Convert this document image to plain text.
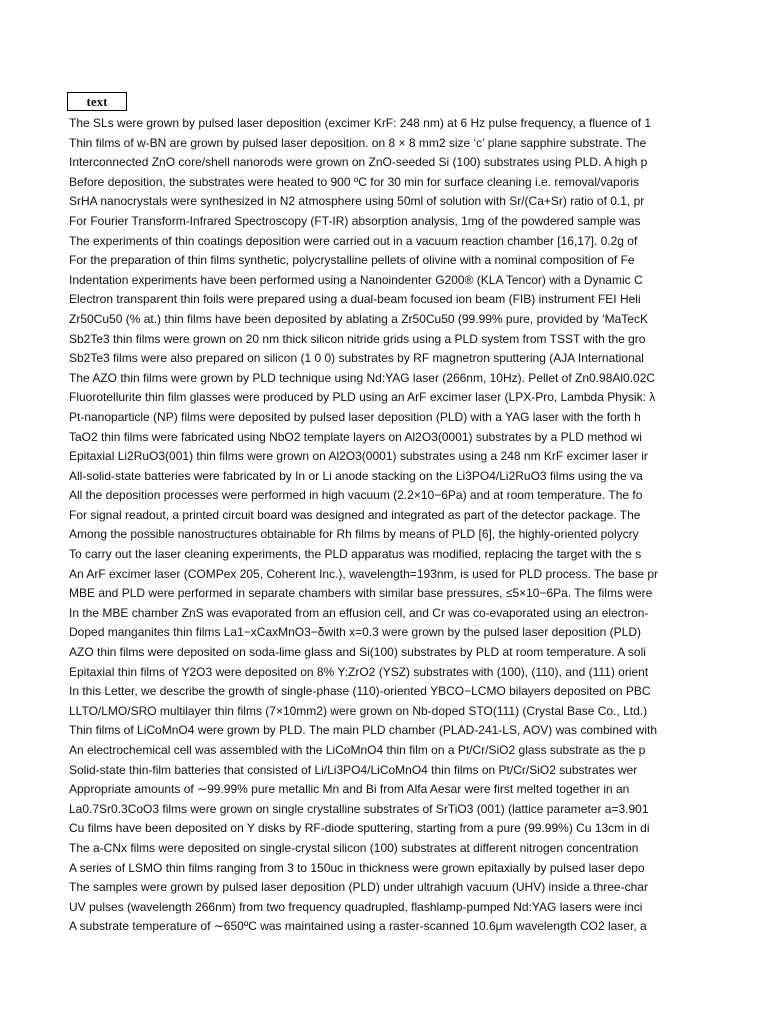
text
The SLs were grown by pulsed laser deposition (excimer KrF: 248 nm) at 6 Hz pulse frequency, a fluence of 1
Thin films of w-BN are grown by pulsed laser deposition. on 8 × 8 mm2 size ‘c’ plane sapphire substrate. The
Interconnected ZnO core/shell nanorods were grown on ZnO-seeded Si (100) substrates using PLD. A high p
Before deposition, the substrates were heated to 900 ºC for 30 min for surface cleaning i.e. removal/vaporis
SrHA nanocrystals were synthesized in N2 atmosphere using 50ml of solution with Sr/(Ca+Sr) ratio of 0.1, pr
For Fourier Transform-Infrared Spectroscopy (FT-IR) absorption analysis, 1mg of the powdered sample was
The experiments of thin coatings deposition were carried out in a vacuum reaction chamber [16,17]. 0.2g of
For the preparation of thin films synthetic, polycrystalline pellets of olivine with a nominal composition of Fe
Indentation experiments have been performed using a Nanoindenter G200® (KLA Tencor) with a Dynamic C
Electron transparent thin foils were prepared using a dual-beam focused ion beam (FIB) instrument FEI Heli
Zr50Cu50 (% at.) thin films have been deposited by ablating a Zr50Cu50 (99.99% pure, provided by ‘MaTecK
Sb2Te3 thin films were grown on 20 nm thick silicon nitride grids using a PLD system from TSST with the gro
Sb2Te3 films were also prepared on silicon (1 0 0) substrates by RF magnetron sputtering (AJA International
The AZO thin films were grown by PLD technique using Nd:YAG laser (266nm, 10Hz). Pellet of Zn0.98Al0.02C
Fluorotellurite thin film glasses were produced by PLD using an ArF excimer laser (LPX-Pro, Lambda Physik: λ
Pt-nanoparticle (NP) films were deposited by pulsed laser deposition (PLD) with a YAG laser with the forth h
TaO2 thin films were fabricated using NbO2 template layers on Al2O3(0001) substrates by a PLD method wi
Epitaxial Li2RuO3(001) thin films were grown on Al2O3(0001) substrates using a 248 nm KrF excimer laser ir
All-solid-state batteries were fabricated by In or Li anode stacking on the Li3PO4/Li2RuO3 films using the va
All the deposition processes were performed in high vacuum (2.2×10−6Pa) and at room temperature. The fo
For signal readout, a printed circuit board was designed and integrated as part of the detector package. The
Among the possible nanostructures obtainable for Rh films by means of PLD [6], the highly-oriented polycry
To carry out the laser cleaning experiments, the PLD apparatus was modified, replacing the target with the s
An ArF excimer laser (COMPex 205, Coherent Inc.), wavelength=193nm, is used for PLD process. The base pr
MBE and PLD were performed in separate chambers with similar base pressures, ≤5×10−6Pa. The films were
In the MBE chamber ZnS was evaporated from an effusion cell, and Cr was co-evaporated using an electron-
Doped manganites thin films La1−xCaxMnO3−δwith x=0.3 were grown by the pulsed laser deposition (PLD)
AZO thin films were deposited on soda-lime glass and Si(100) substrates by PLD at room temperature. A soli
Epitaxial thin films of Y2O3 were deposited on 8% Y:ZrO2 (YSZ) substrates with (100), (110), and (111) orient
In this Letter, we describe the growth of single-phase (110)-oriented YBCO−LCMO bilayers deposited on PBC
LLTO/LMO/SRO multilayer thin films (7×10mm2) were grown on Nb-doped STO(111) (Crystal Base Co., Ltd.)
Thin films of LiCoMnO4 were grown by PLD. The main PLD chamber (PLAD-241-LS, AOV) was combined with
An electrochemical cell was assembled with the LiCoMnO4 thin film on a Pt/Cr/SiO2 glass substrate as the p
Solid-state thin-film batteries that consisted of Li/Li3PO4/LiCoMnO4 thin films on Pt/Cr/SiO2 substrates wer
Appropriate amounts of ∼99.99% pure metallic Mn and Bi from Alfa Aesar were first melted together in an
La0.7Sr0.3CoO3 films were grown on single crystalline substrates of SrTiO3 (001) (lattice parameter a=3.901
Cu films have been deposited on Y disks by RF-diode sputtering, starting from a pure (99.99%) Cu 13cm in di
The a-CNx films were deposited on single-crystal silicon (100) substrates at different nitrogen concentration
A series of LSMO thin films ranging from 3 to 150uc in thickness were grown epitaxially by pulsed laser depo
The samples were grown by pulsed laser deposition (PLD) under ultrahigh vacuum (UHV) inside a three-char
UV pulses (wavelength 266nm) from two frequency quadrupled, flashlamp-pumped Nd:YAG lasers were inci
A substrate temperature of ∼650ºC was maintained using a raster-scanned 10.6μm wavelength CO2 laser, a
